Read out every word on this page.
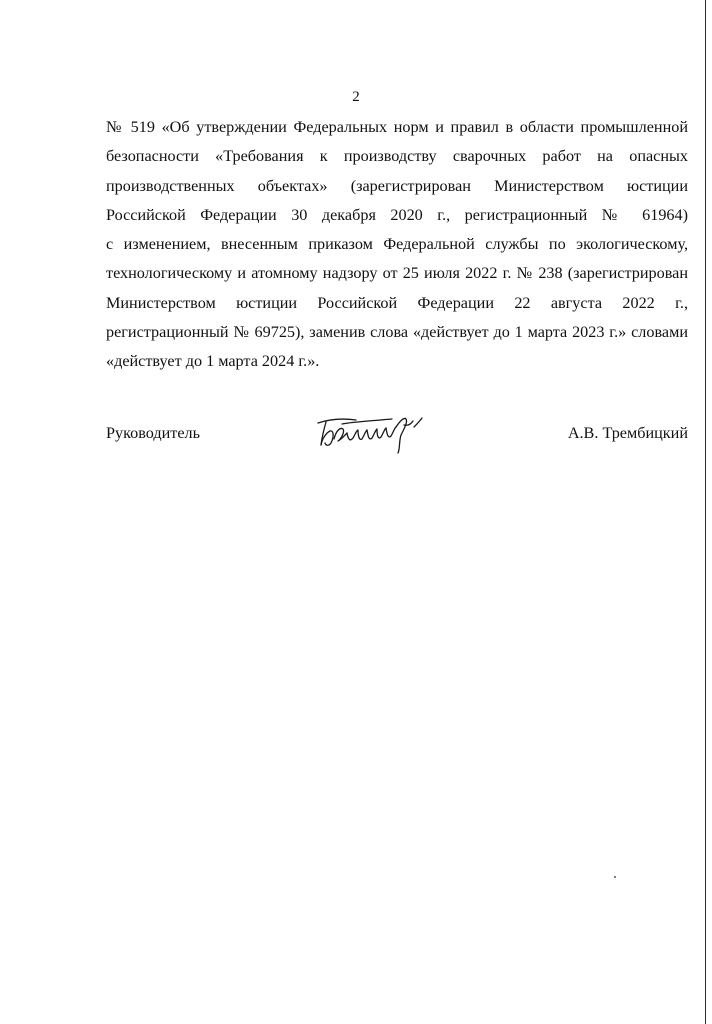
2
№ 519 «Об утверждении Федеральных норм и правил в области промышленной
безопасности «Требования к производству сварочных работ на опасных
производственных объектах» (зарегистрирован Министерством юстиции
Российской Федерации 30 декабря 2020 г., регистрационный № 61964)
с изменением, внесенным приказом Федеральной службы по экологическому,
технологическому и атомному надзору от 25 июля 2022 г. № 238 (зарегистрирован
Министерством юстиции Российской Федерации 22 августа 2022 г.,
регистрационный № 69725), заменив слова «действует до 1 марта 2023 г.» словами
«действует до 1 марта 2024 г.».
Руководитель	А.В. Трембицкий
